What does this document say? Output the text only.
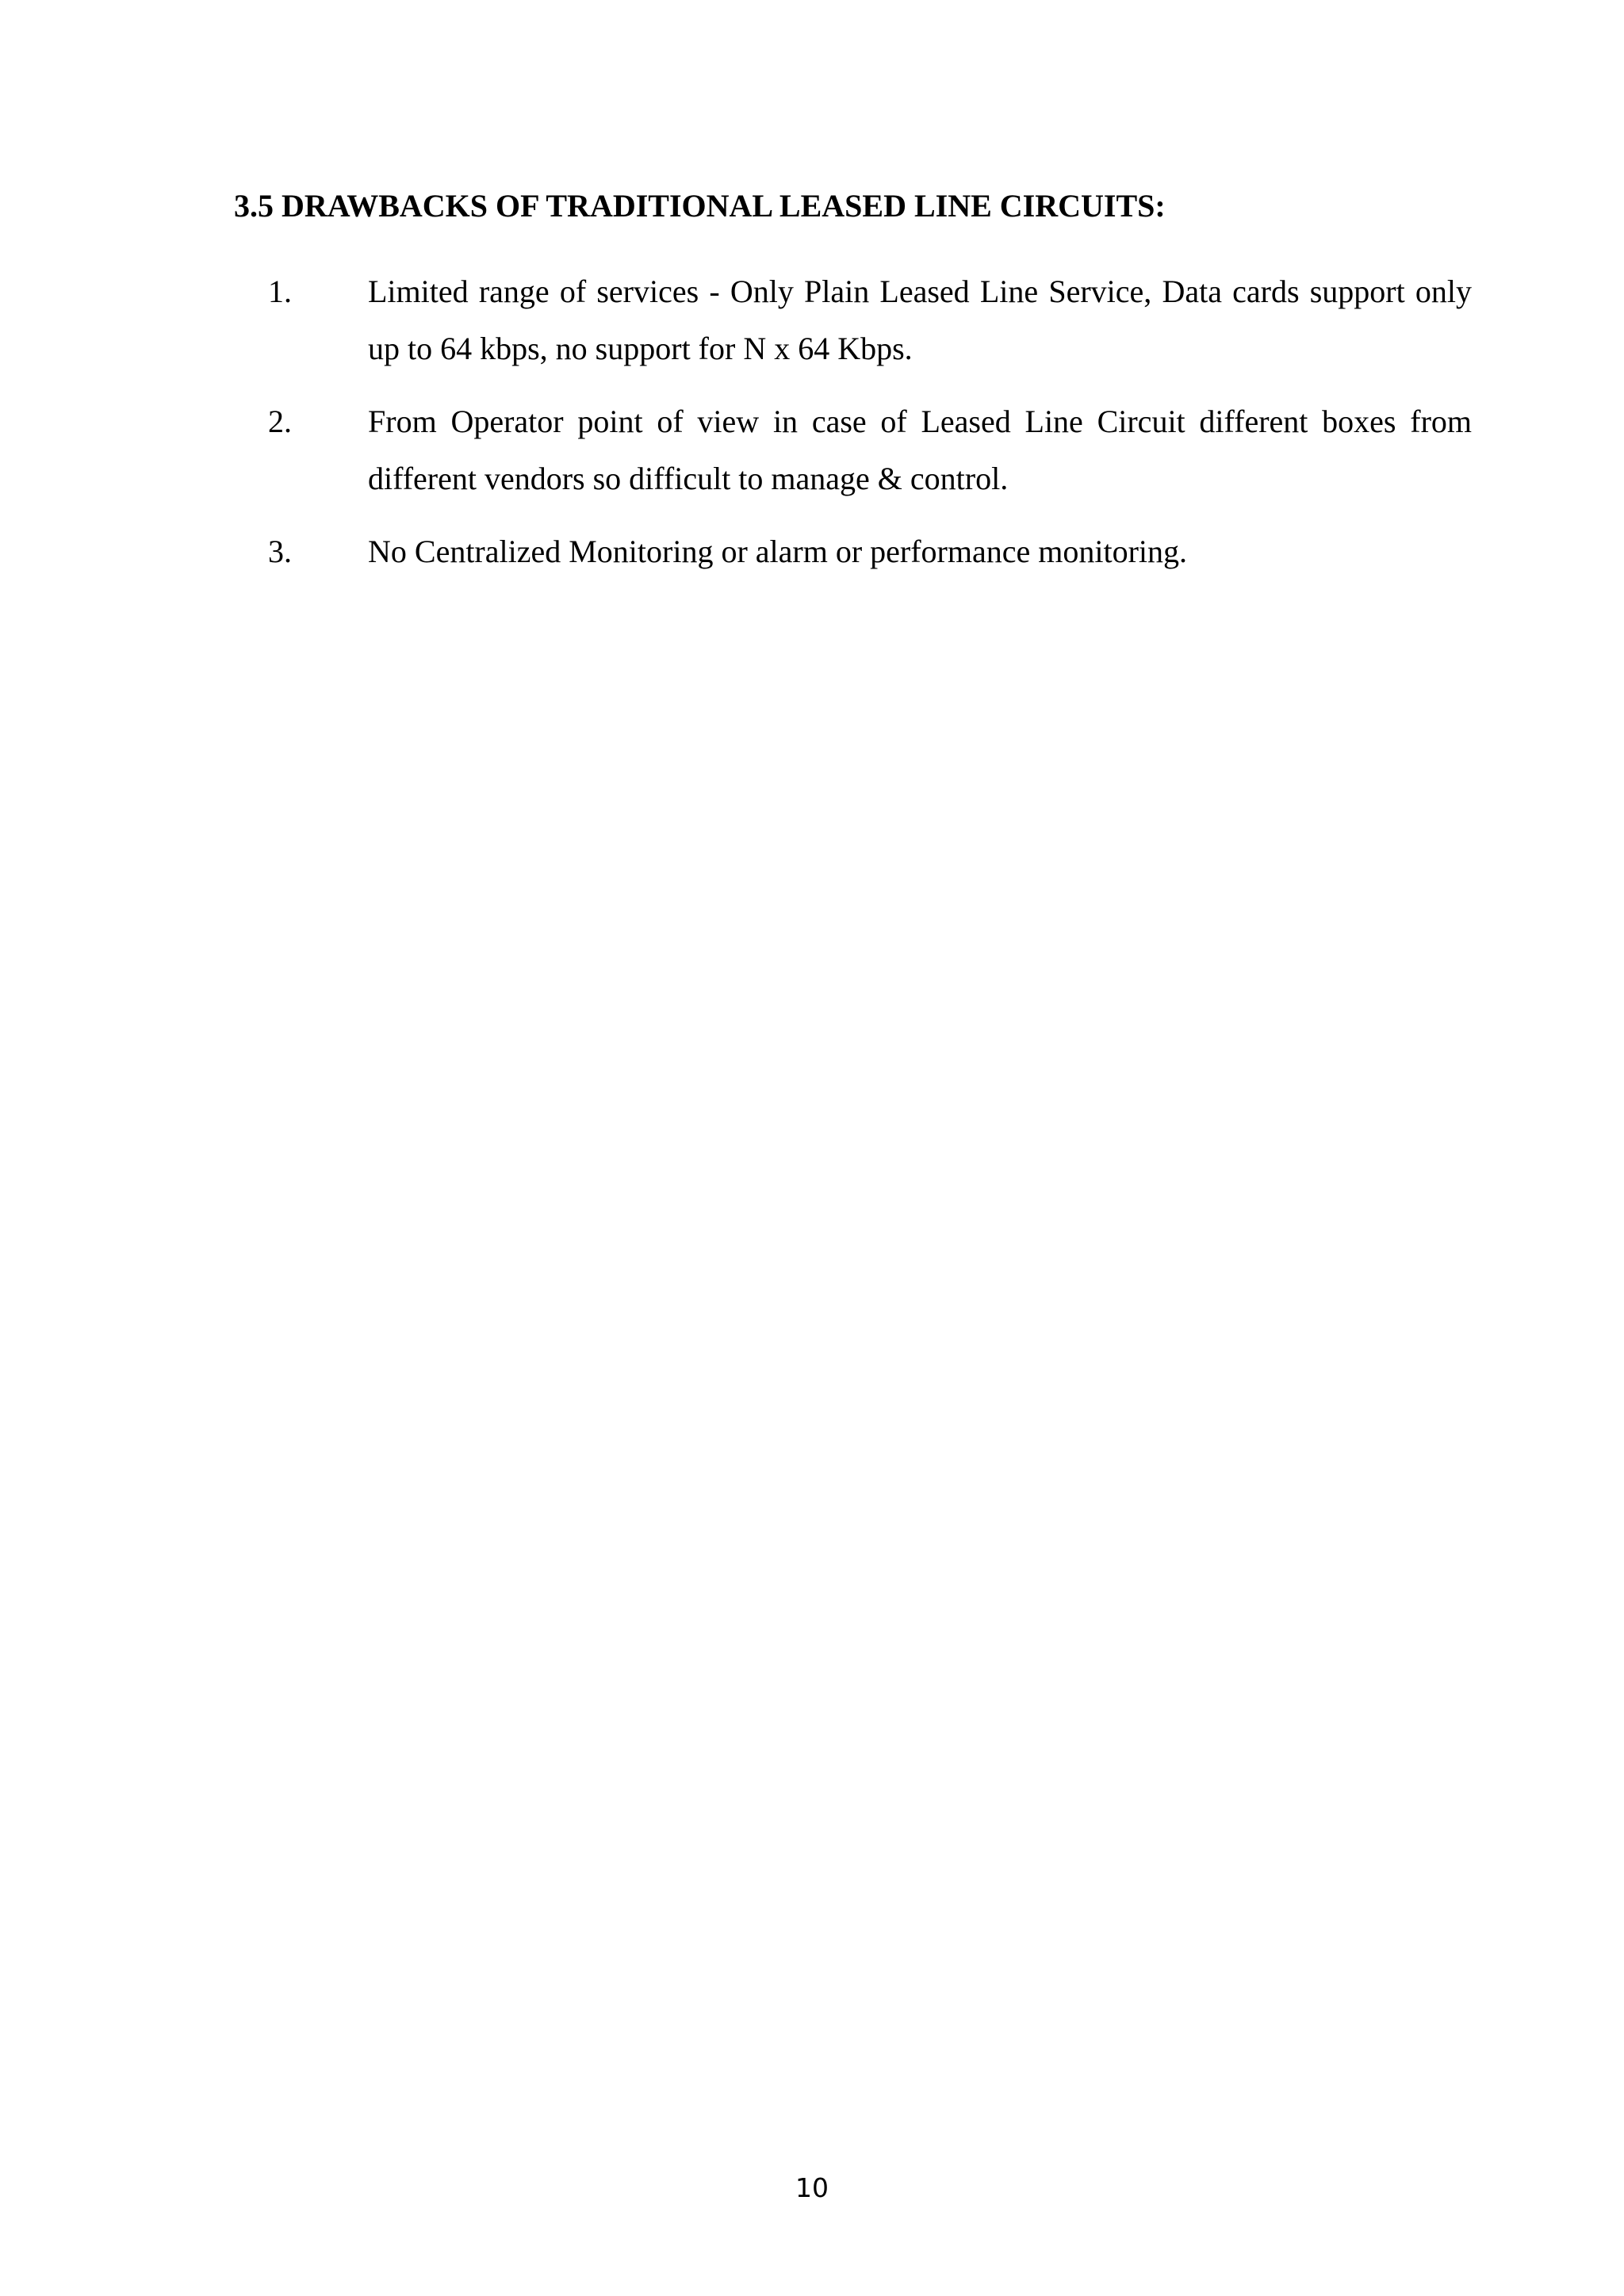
3.5 DRAWBACKS OF TRADITIONAL LEASED LINE CIRCUITS:
1. Limited range of services - Only Plain Leased Line Service, Data cards support only up to 64 kbps, no support for N x 64 Kbps.

2. From Operator point of view in case of Leased Line Circuit different boxes from different vendors so difficult to manage & control.

3. No Centralized Monitoring or alarm or performance monitoring.

10
